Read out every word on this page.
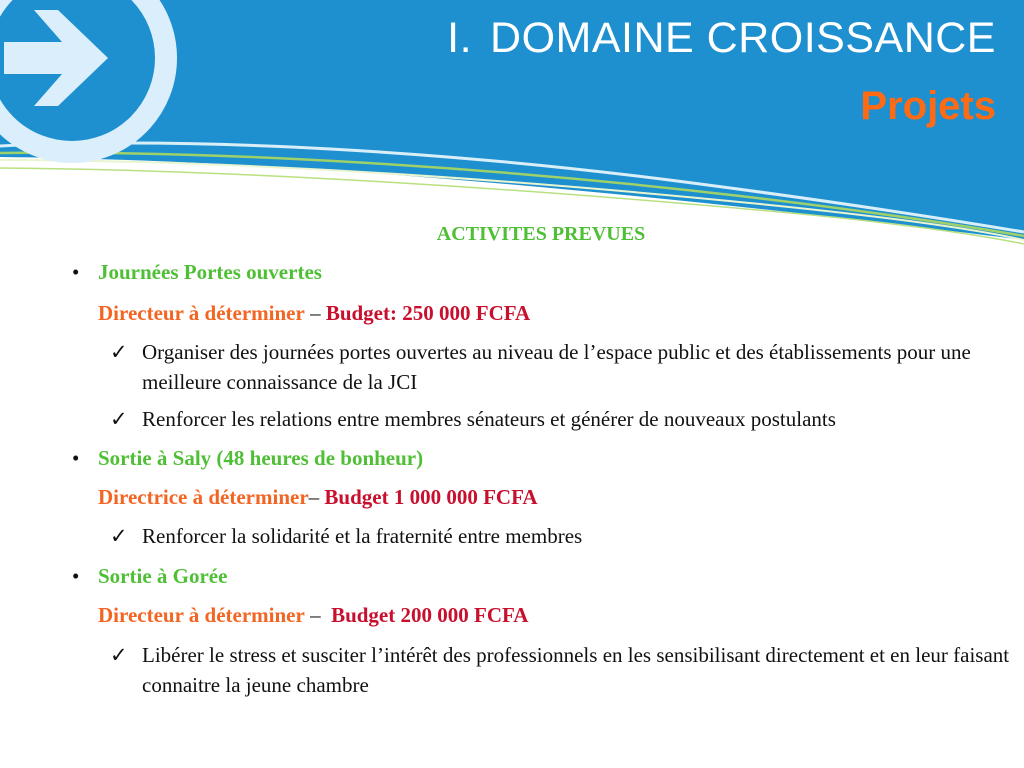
I. DOMAINE CROISSANCE
Projets
ACTIVITES PREVUES
• Journées Portes ouvertes
Directeur à déterminer – Budget: 250 000 FCFA
✓ Organiser des journées portes ouvertes au niveau de l’espace public et des établissements pour une meilleure connaissance de la JCI
✓ Renforcer les relations entre membres sénateurs et générer de nouveaux postulants
• Sortie à Saly (48 heures de bonheur)
Directrice à déterminer– Budget 1 000 000 FCFA
✓ Renforcer la solidarité et la fraternité entre membres
• Sortie à Gorée
Directeur à déterminer –  Budget 200 000 FCFA
✓ Libérer le stress et susciter l’intérêt des professionnels en les sensibilisant directement et en leur faisant connaitre la jeune chambre
